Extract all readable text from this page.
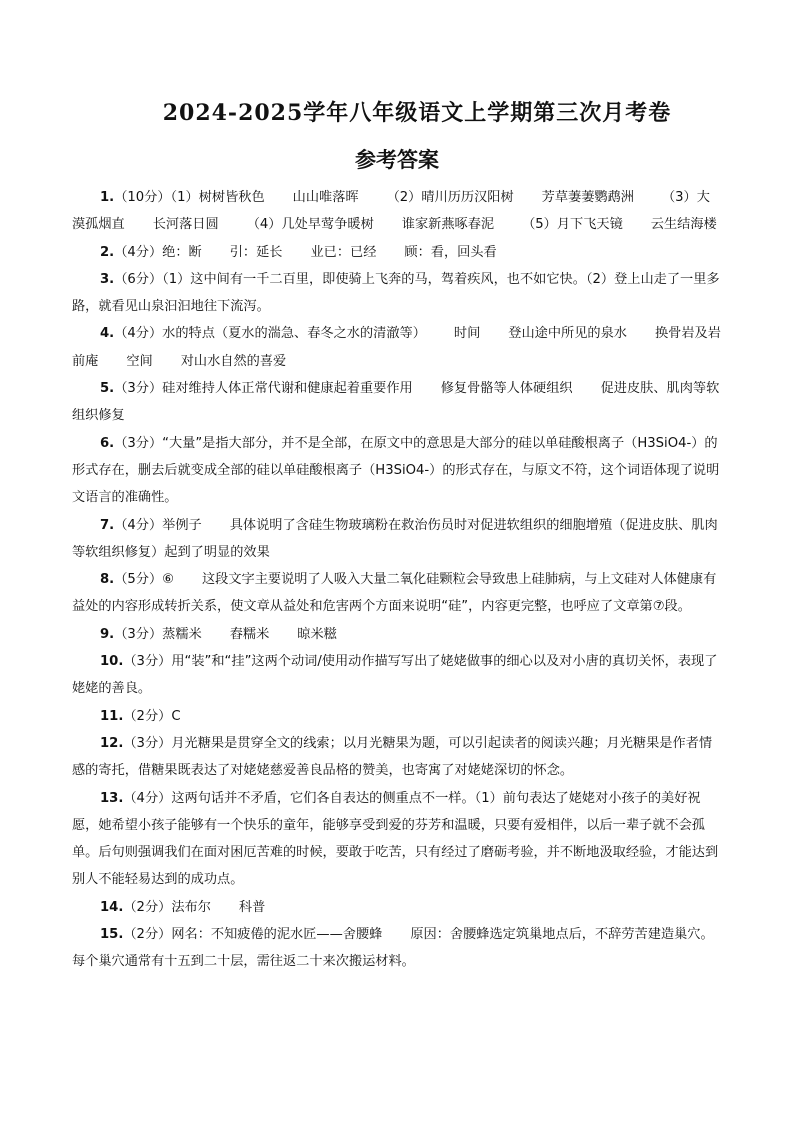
2024-2025学年八年级语文上学期第三次月考卷
参考答案

1.（10分）（1）树树皆秋色 山山唯落晖 （2）晴川历历汉阳树 芳草萋萋鹦鹉洲 （3）大漠孤烟直 长河落日圆 （4）几处早莺争暖树 谁家新燕啄春泥 （5）月下飞天镜 云生结海楼

2.（4分）绝：断 引：延长 业已：已经 顾：看，回头看

3.（6分）（1）这中间有一千二百里，即使骑上飞奔的马，驾着疾风，也不如它快。（2）登上山走了一里多路，就看见山泉汩汩地往下流泻。

4.（4分）水的特点（夏水的湍急、春冬之水的清澈等） 时间 登山途中所见的泉水 换骨岩及岩前庵 空间 对山水自然的喜爱

5.（3分）硅对维持人体正常代谢和健康起着重要作用 修复骨骼等人体硬组织 促进皮肤、肌肉等软组织修复

6.（3分）“大量”是指大部分，并不是全部，在原文中的意思是大部分的硅以单硅酸根离子（H3SiO4-）的形式存在，删去后就变成全部的硅以单硅酸根离子（H3SiO4-）的形式存在，与原文不符，这个词语体现了说明文语言的准确性。

7.（4分）举例子 具体说明了含硅生物玻璃粉在救治伤员时对促进软组织的细胞增殖（促进皮肤、肌肉等软组织修复）起到了明显的效果

8.（5分）⑥ 这段文字主要说明了人吸入大量二氧化硅颗粒会导致患上硅肺病，与上文硅对人体健康有益处的内容形成转折关系，使文章从益处和危害两个方面来说明“硅”，内容更完整，也呼应了文章第⑦段。

9.（3分）蒸糯米 舂糯米 晾米糍

10.（3分）用“装”和“挂”这两个动词/使用动作描写写出了姥姥做事的细心以及对小唐的真切关怀，表现了姥姥的善良。

11.（2分）C

12.（3分）月光糖果是贯穿全文的线索；以月光糖果为题，可以引起读者的阅读兴趣；月光糖果是作者情感的寄托，借糖果既表达了对姥姥慈爱善良品格的赞美，也寄寓了对姥姥深切的怀念。

13.（4分）这两句话并不矛盾，它们各自表达的侧重点不一样。（1）前句表达了姥姥对小孩子的美好祝愿，她希望小孩子能够有一个快乐的童年，能够享受到爱的芬芳和温暖，只要有爱相伴，以后一辈子就不会孤单。后句则强调我们在面对困厄苦难的时候，要敢于吃苦，只有经过了磨砺考验，并不断地汲取经验，才能达到别人不能轻易达到的成功点。

14.（2分）法布尔 科普

15.（2分）网名：不知疲倦的泥水匠——舍腰蜂 原因：舍腰蜂选定筑巢地点后，不辞劳苦建造巢穴。每个巢穴通常有十五到二十层，需往返二十来次搬运材料。
